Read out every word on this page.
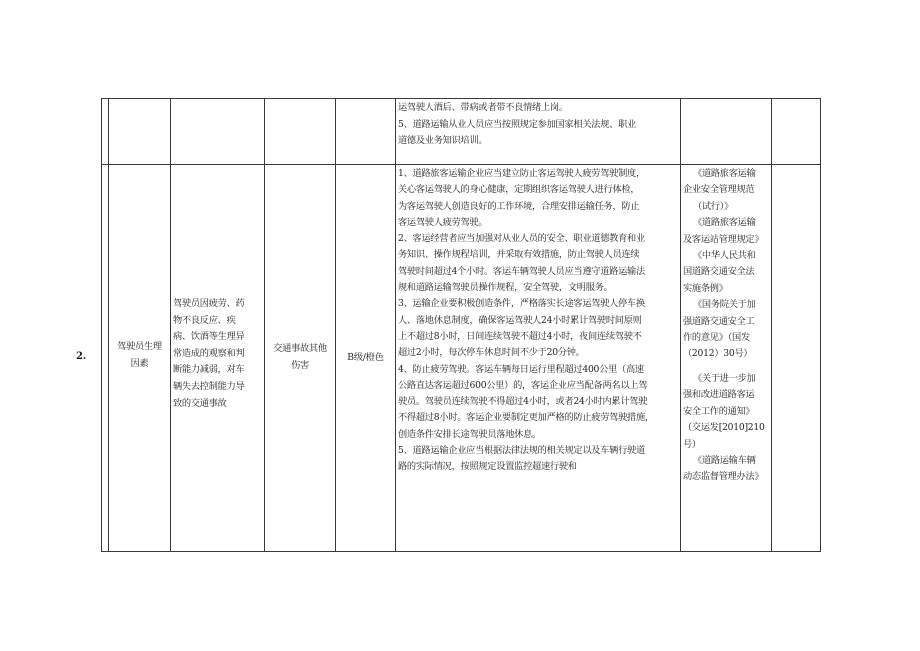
运驾驶人酒后、带病或者带不良情绪上岗。
5、道路运输从业人员应当按照规定参加国家相关法规、职业
道德及业务知识培训。
2.
驾驶员生理
因素
驾驶员因疲劳、药
物不良反应、疾
病、饮酒等生理异
常造成的观察和判
断能力减弱，对车
辆失去控制能力导
致的交通事故
交通事故其他
伤害
B级/橙色
1、道路旅客运输企业应当建立防止客运驾驶人疲劳驾驶制度，
关心客运驾驶人的身心健康，定期组织客运驾驶人进行体检，
为客运驾驶人创造良好的工作环境，合理安排运输任务，防止
客运驾驶人疲劳驾驶。
2、客运经营者应当加强对从业人员的安全、职业道德教育和业
务知识、操作规程培训，并采取有效措施，防止驾驶人员连续
驾驶时间超过4个小时。客运车辆驾驶人员应当遵守道路运输法
规和道路运输驾驶员操作规程，安全驾驶，文明服务。
3、运输企业要积极创造条件，严格落实长途客运驾驶人停车换
人、落地休息制度，确保客运驾驶人24小时累计驾驶时间原则
上不超过8小时，日间连续驾驶不超过4小时，夜间连续驾驶不
超过2小时，每次停车休息时间不少于20分钟。
4、防止疲劳驾驶。客运车辆每日运行里程超过400公里（高速
公路直达客运超过600公里）的，客运企业应当配备两名以上驾
驶员。驾驶员连续驾驶不得超过4小时，或者24小时内累计驾驶
不得超过8小时。客运企业要制定更加严格的防止疲劳驾驶措施，
创造条件安排长途驾驶员落地休息。
5、道路运输企业应当根据法律法规的相关规定以及车辆行驶道
路的实际情况，按照规定设置监控超速行驶和
《道路旅客运输
企业安全管理规范
（试行）》
《道路旅客运输
及客运站管理规定》
《中华人民共和
国道路交通安全法
实施条例》
《国务院关于加
强道路交通安全工
作的意见》（国发
（2012）30号）
《关于进一步加
强和改进道路客运
安全工作的通知》
（交运发[2010]210
号）
《道路运输车辆
动态监督管理办法》
